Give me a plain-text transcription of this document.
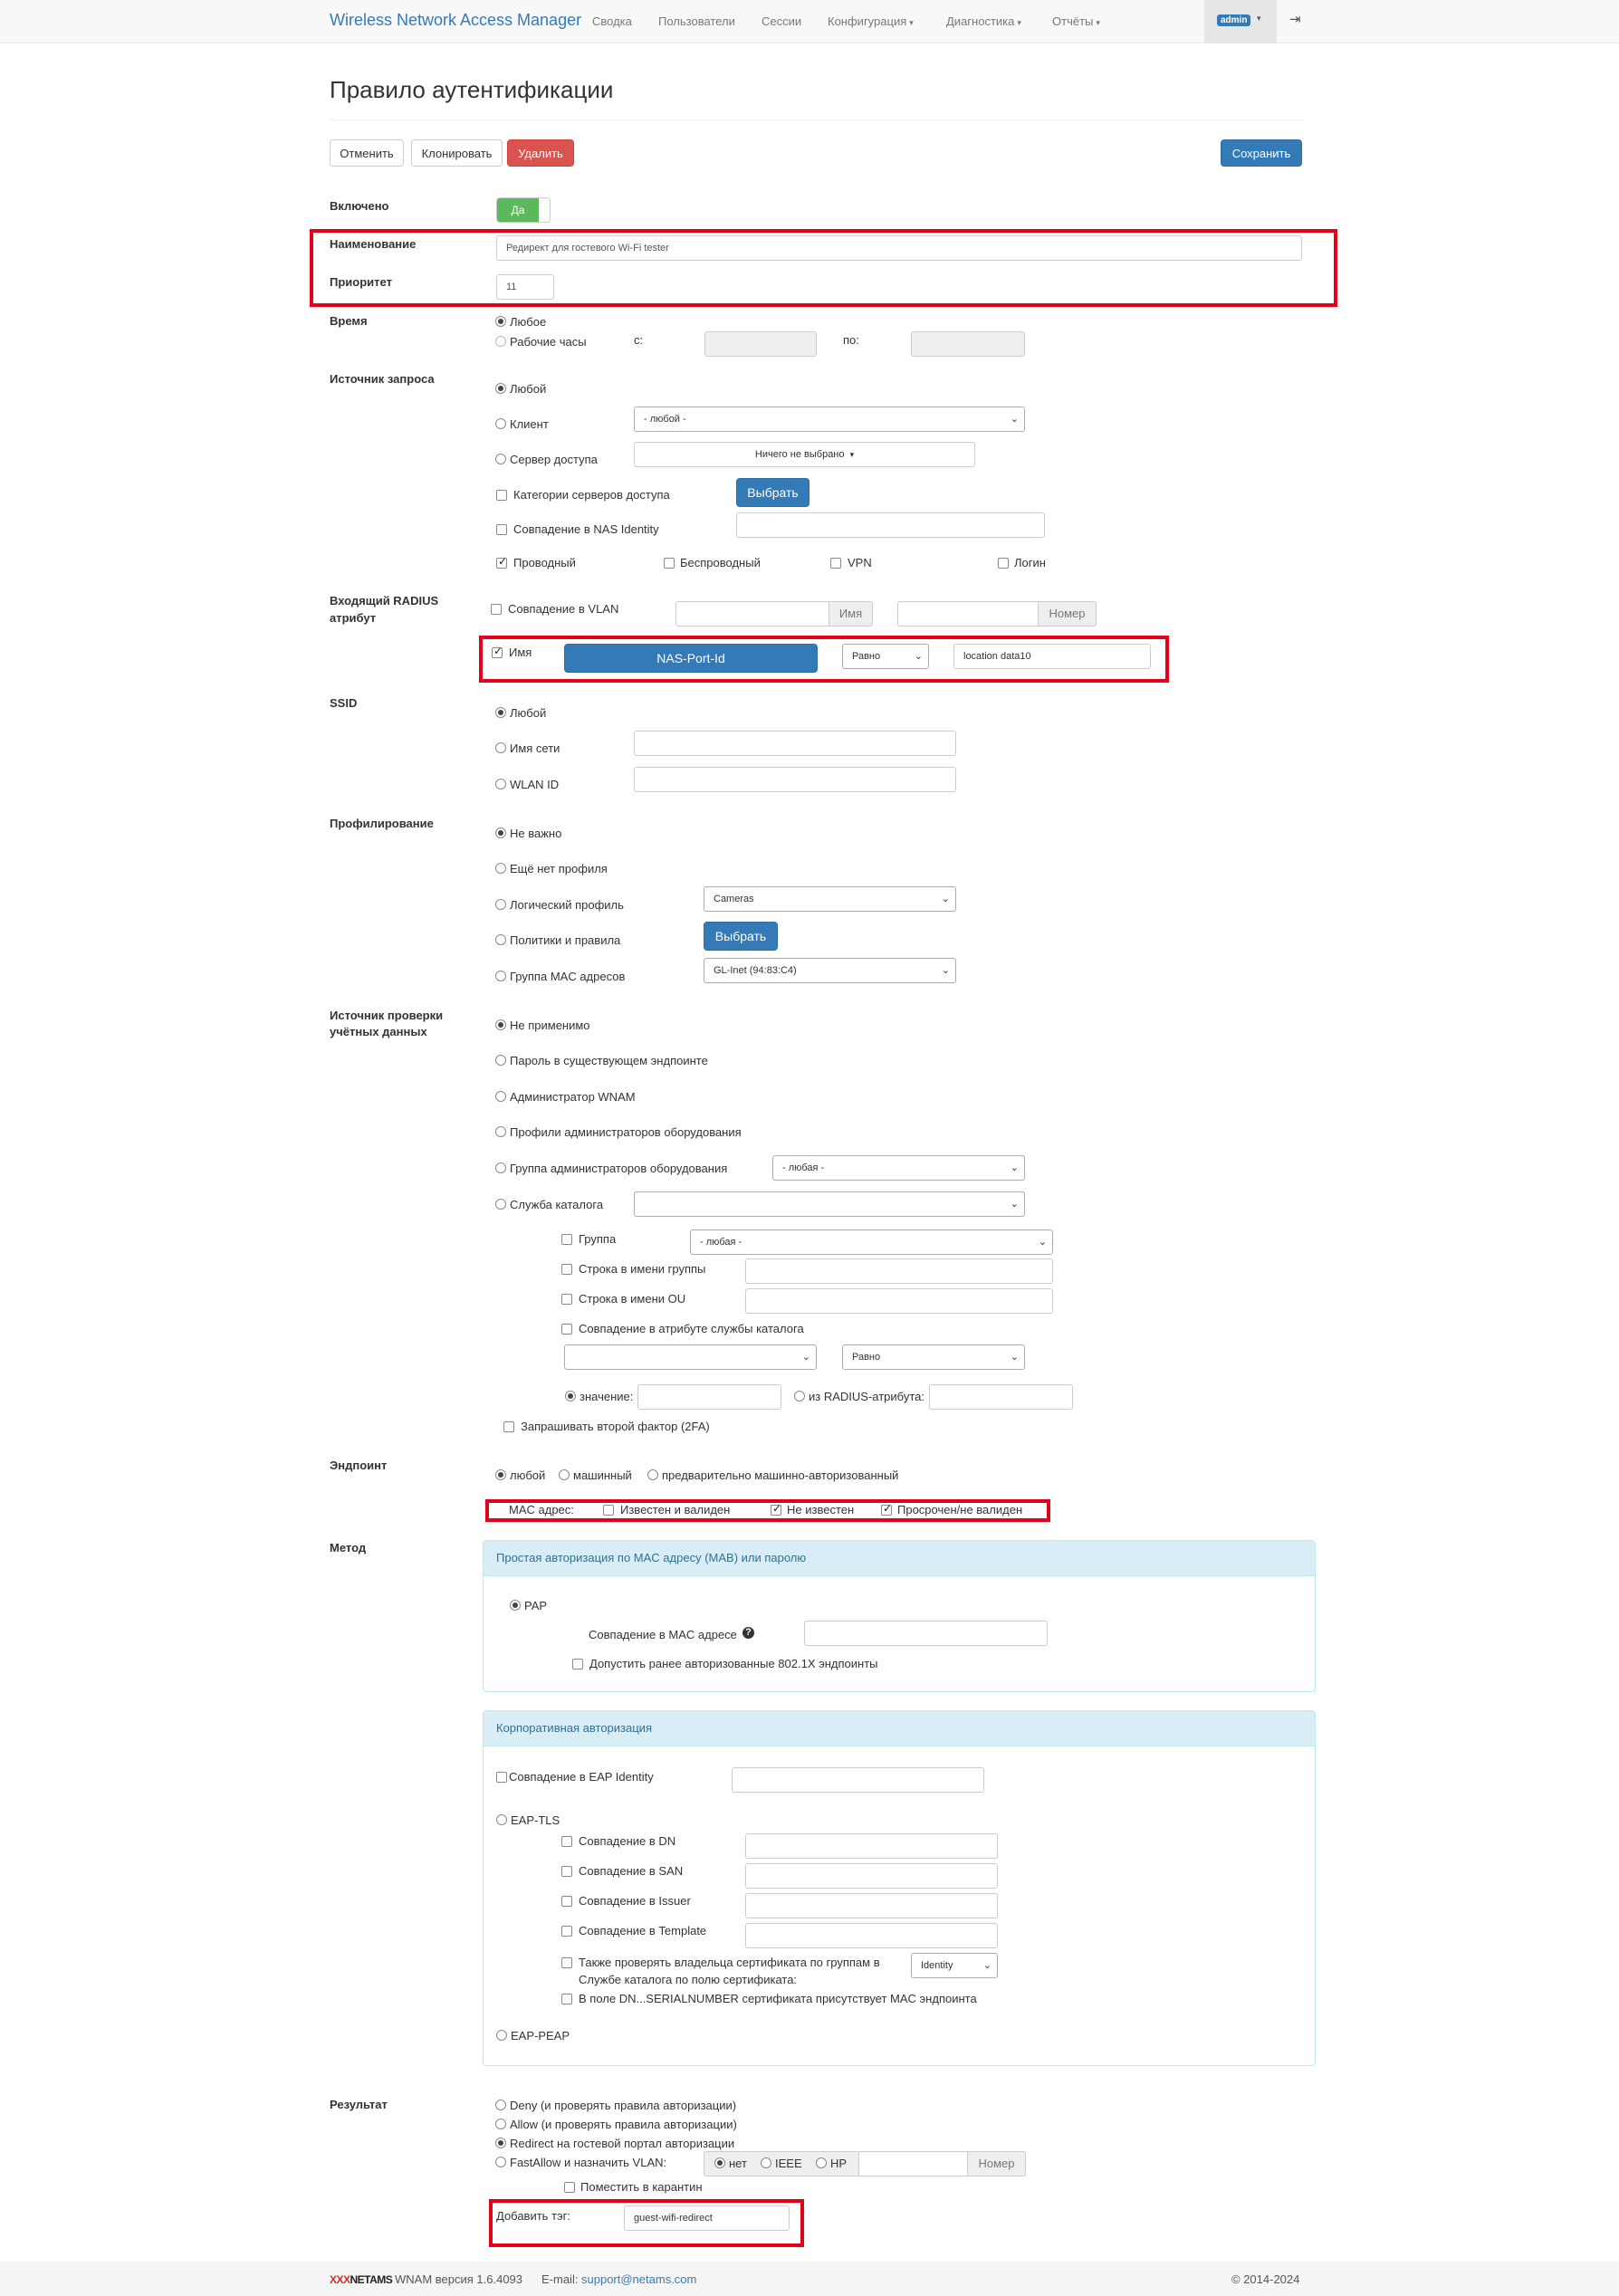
Wireless Network Access Manager Сводка Пользователи Сессии Конфигурация ▾	Диагностика ▾	Отчёты ▾	admin	▾ ⇥
Правило аутентификации
Отменить	Клонировать	Удалить	Сохранить
Включено	Да
Наименование	Редирект для гостевого Wi-Fi tester
Приоритет	11
Время	Любое
Рабочие часы	с:	по:
Источник запроса
Любой
Клиент	- любой -	⌄
Сервер доступа	Ничего не выбрано ▾
Категории серверов доступа	Выбрать
Совпадение в NAS Identity
✓
Проводный	Беспроводный	VPN	Логин
Входящий RADIUS
атрибут
Совпадение в VLAN	Имя	Номер
✓
Имя	NAS-Port-Id	Равно	⌄	location data10
SSID
Любой
Имя сети
WLAN ID
Профилирование
Не важно
Ещё нет профиля
Логический профиль	Cameras	⌄
Политики и правила	Выбрать
Группа MAC адресов	GL-Inet (94:83:C4)	⌄
Источник проверки
учётных данных	Не применимо
Пароль в существующем эндпоинте
Администратор WNAM
Профили администраторов оборудования
Группа администраторов оборудования	- любая -	⌄
Служба каталога	⌄
Группа	- любая -	⌄
Строка в имени группы
Строка в имени OU
Совпадение в атрибуте службы каталога
⌄	Равно	⌄
значение:	из RADIUS-атрибута:
Запрашивать второй фактор (2FA)
Эндпоинт
любой машинный	предварительно машинно-авторизованный
MAC адрес:	Известен и валиден ✓	Не известен ✓	Просрочен/не валиден
Метод
Простая авторизация по MAC адресу (MAB) или паролю
PAP
Совпадение в MAC адресе ?
Допустить ранее авторизованные 802.1X эндпоинты
Корпоративная авторизация
Совпадение в EAP Identity
EAP-TLS
Совпадение в DN
Совпадение в SAN
Совпадение в Issuer
Совпадение в Template
Также проверять владельца сертификата по группам в
Службе каталога по полю сертификата:
Identity	⌄
В поле DN...SERIALNUMBER сертификата присутствует MAC эндпоинта
EAP-PEAP
Результат	Deny (и проверять правила авторизации)
Allow (и проверять правила авторизации)
Redirect на гостевой портал авторизации
FastAllow и назначить VLAN:	нет IEEE HP	Номер
Поместить в карантин
Добавить тэг:	guest-wifi-redirect
XXXNETAMS WNAM версия 1.6.4093 E-mail: support@netams.com	© 2014-2024
